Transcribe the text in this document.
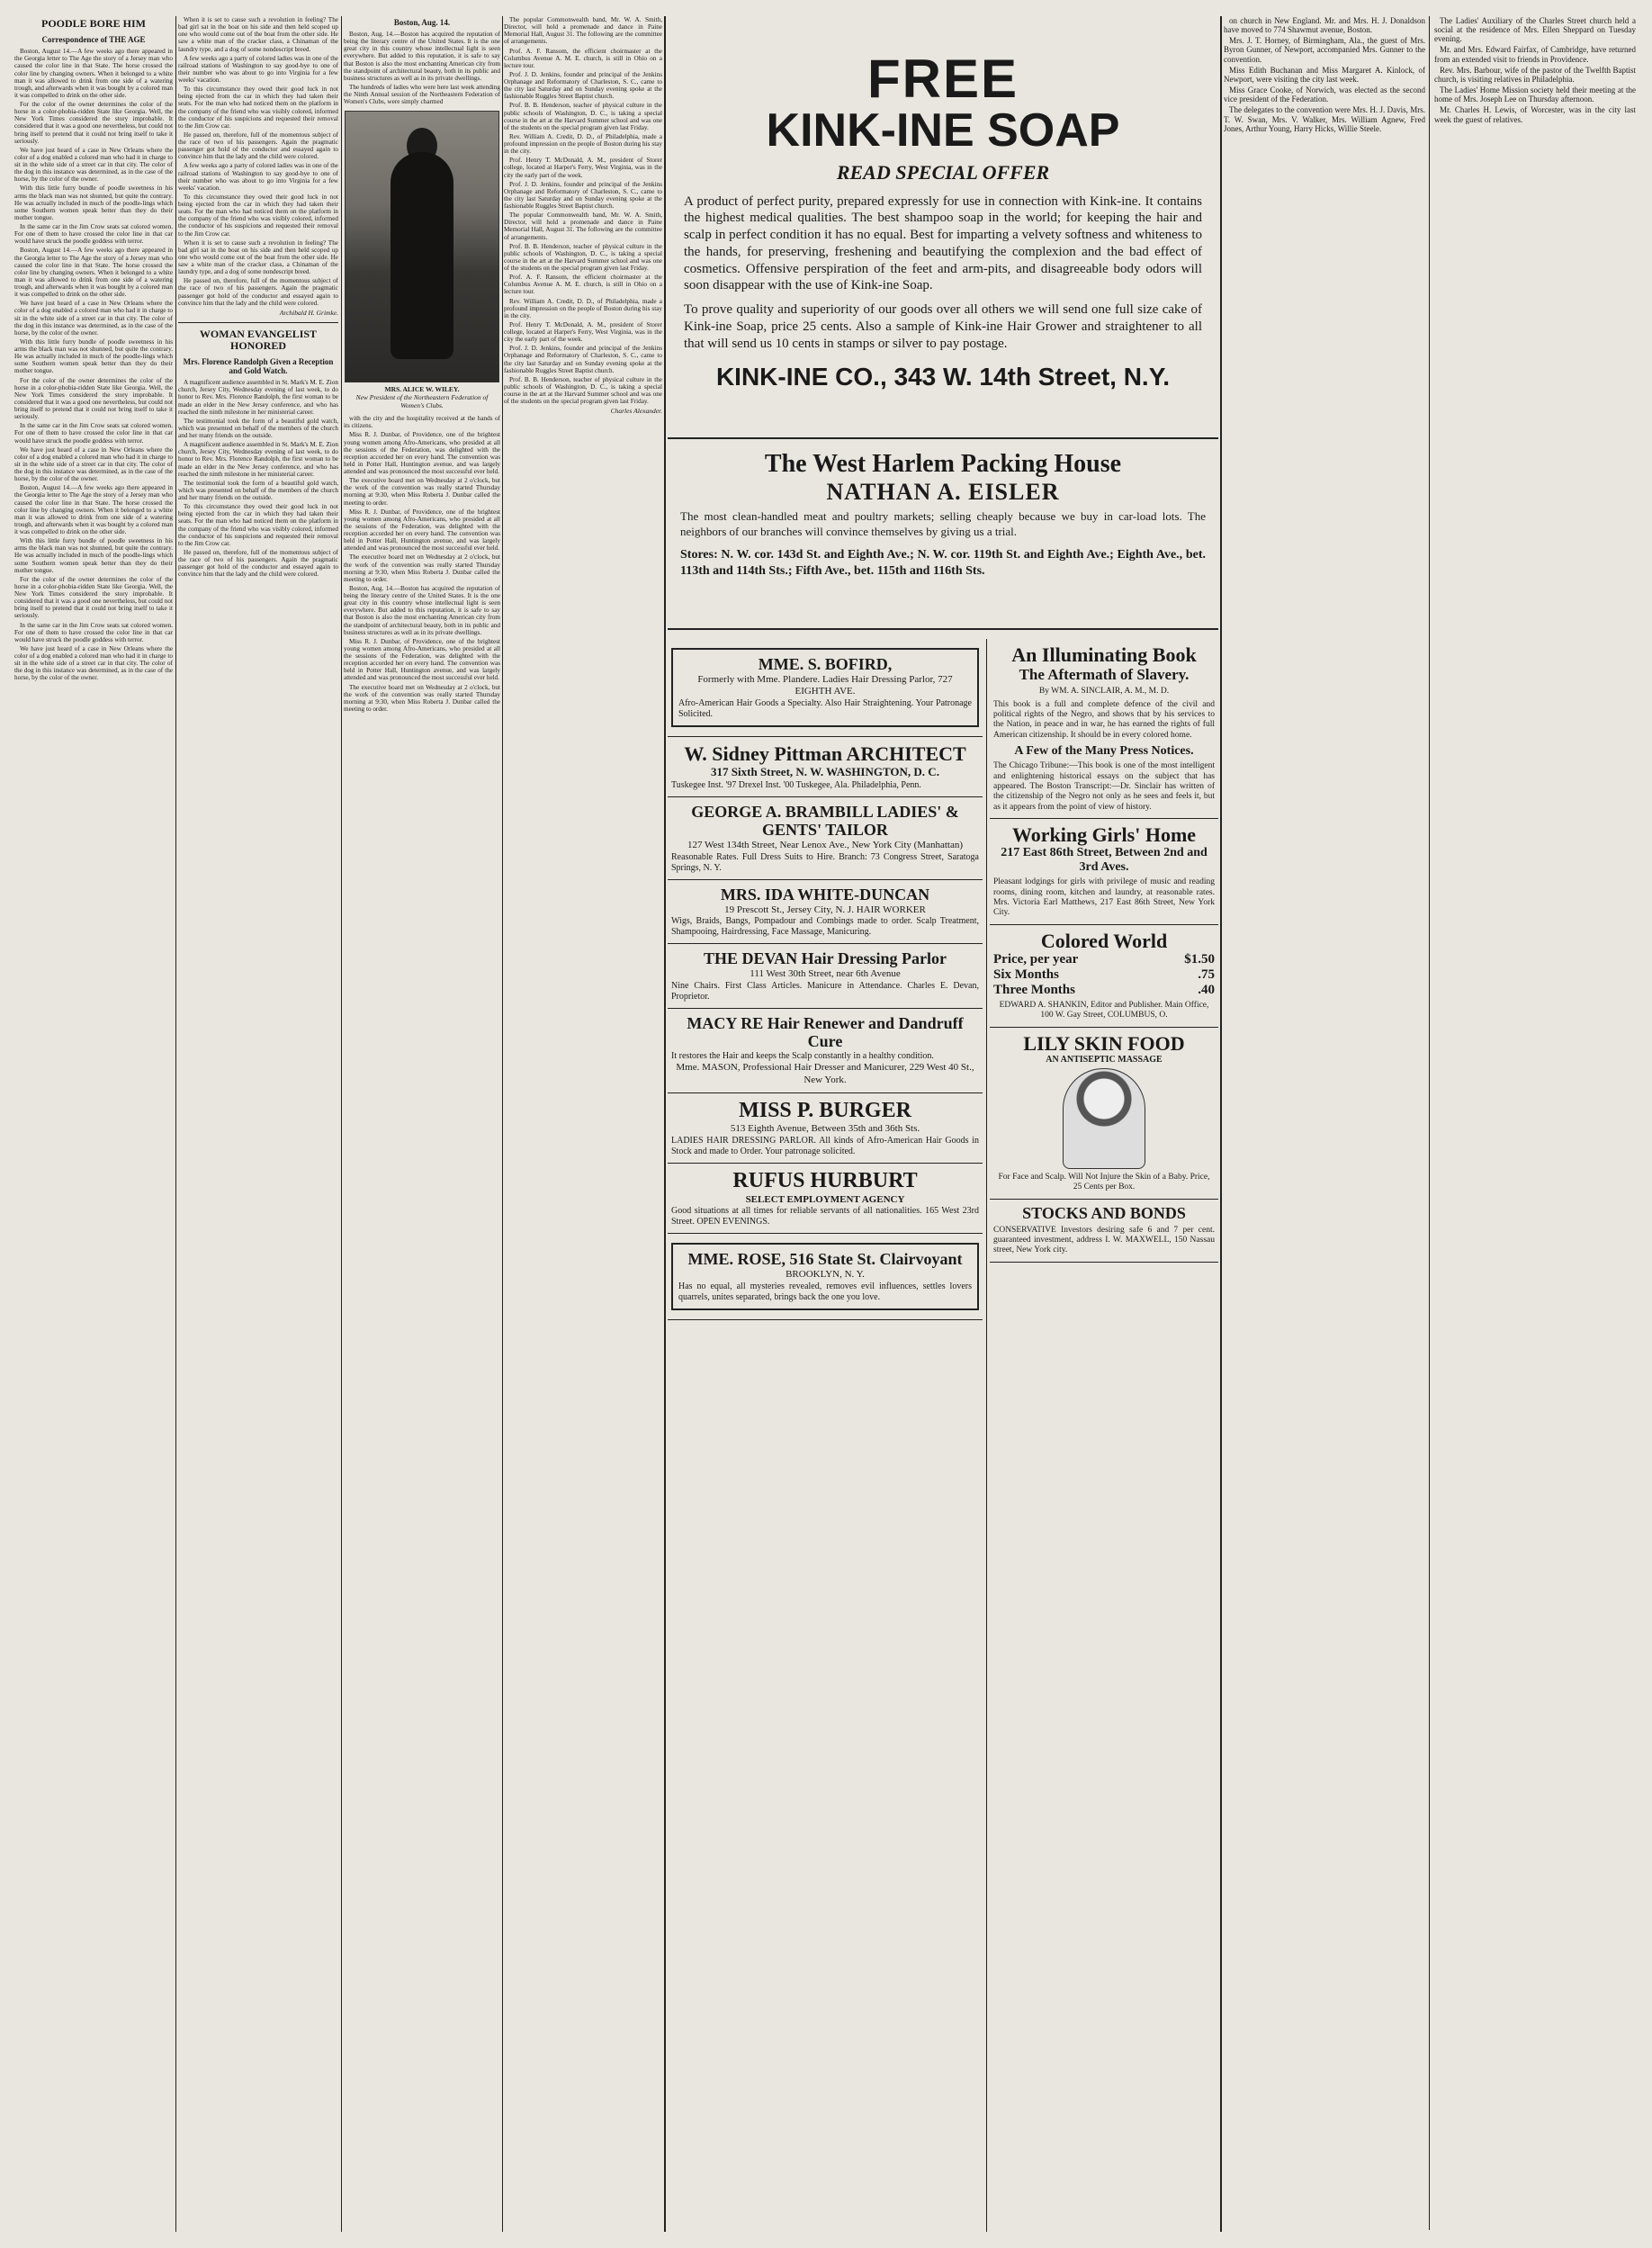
POODLE BORE HIM
Correspondence of THE AGE

Boston, August 14.—A few weeks ago there appeared in the Georgia letter to The Age the story of a Jersey man who caused the color line in that State. The horse crossed the color line by changing owners. When it belonged to a white man it was allowed to drink from one side of a watering trough, and afterwards when it was bought by a colored man it was compelled to drink on the other side.

For the color of the owner determines the color of the horse in a color-phobia-ridden State like Georgia. Well, the New York Times considered the story improbable. It considered that it was a good one nevertheless, but could not bring itself to pretend that it could not bring itself to take it seriously.

We have just heard of a case in New Orleans where the color of a dog enabled a colored man who had it in charge to sit in the white side of a street car in that city. The color of the dog in this instance was determined, as in the case of the horse, by the color of the owner.

With this little furry bundle of poodle sweetness in his arms the black man was not shunned, but quite the contrary. He was actually included in much of the poodle-lings which some Southern women speak better than they do their mother tongue.

In the same car in the Jim Crow seats sat colored women. For one of them to have crossed the color line in that car would have struck the poodle goddess with terror.

Boston, August 14.—A few weeks ago there appeared in the Georgia letter to The Age the story of a Jersey man who caused the color line in that State. The horse crossed the color line by changing owners. When it belonged to a white man it was allowed to drink from one side of a watering trough, and afterwards when it was bought by a colored man it was compelled to drink on the other side.

We have just heard of a case in New Orleans where the color of a dog enabled a colored man who had it in charge to sit in the white side of a street car in that city. The color of the dog in this instance was determined, as in the case of the horse, by the color of the owner.

With this little furry bundle of poodle sweetness in his arms the black man was not shunned, but quite the contrary. He was actually included in much of the poodle-lings which some Southern women speak better than they do their mother tongue.

For the color of the owner determines the color of the horse in a color-phobia-ridden State like Georgia. Well, the New York Times considered the story improbable. It considered that it was a good one nevertheless, but could not bring itself to pretend that it could not bring itself to take it seriously.

In the same car in the Jim Crow seats sat colored women. For one of them to have crossed the color line in that car would have struck the poodle goddess with terror.

We have just heard of a case in New Orleans where the color of a dog enabled a colored man who had it in charge to sit in the white side of a street car in that city. The color of the dog in this instance was determined, as in the case of the horse, by the color of the owner.

Boston, August 14.—A few weeks ago there appeared in the Georgia letter to The Age the story of a Jersey man who caused the color line in that State. The horse crossed the color line by changing owners. When it belonged to a white man it was allowed to drink from one side of a watering trough, and afterwards when it was bought by a colored man it was compelled to drink on the other side.

With this little furry bundle of poodle sweetness in his arms the black man was not shunned, but quite the contrary. He was actually included in much of the poodle-lings which some Southern women speak better than they do their mother tongue.

For the color of the owner determines the color of the horse in a color-phobia-ridden State like Georgia. Well, the New York Times considered the story improbable. It considered that it was a good one nevertheless, but could not bring itself to pretend that it could not bring itself to take it seriously.

In the same car in the Jim Crow seats sat colored women. For one of them to have crossed the color line in that car would have struck the poodle goddess with terror.

We have just heard of a case in New Orleans where the color of a dog enabled a colored man who had it in charge to sit in the white side of a street car in that city. The color of the dog in this instance was determined, as in the case of the horse, by the color of the owner.

When it is set to cause such a revolution in feeling? The bad girl sat in the boat on his side and then held scoped up one who would come out of the boat from the other side. He saw a white man of the cracker class, a Chinaman of the laundry type, and a dog of some nondescript breed.

A few weeks ago a party of colored ladies was in one of the railroad stations of Washington to say good-bye to one of their number who was about to go into Virginia for a few weeks' vacation.

To this circumstance they owed their good luck in not being ejected from the car in which they had taken their seats. For the man who had noticed them on the platform in the company of the friend who was visibly colored, informed the conductor of his suspicions and requested their removal to the Jim Crow car.

He passed on, therefore, full of the momentous subject of the race of two of his passengers. Again the pragmatic passenger got hold of the conductor and essayed again to convince him that the lady and the child were colored.

A few weeks ago a party of colored ladies was in one of the railroad stations of Washington to say good-bye to one of their number who was about to go into Virginia for a few weeks' vacation.

To this circumstance they owed their good luck in not being ejected from the car in which they had taken their seats. For the man who had noticed them on the platform in the company of the friend who was visibly colored, informed the conductor of his suspicions and requested their removal to the Jim Crow car.

When it is set to cause such a revolution in feeling? The bad girl sat in the boat on his side and then held scoped up one who would come out of the boat from the other side. He saw a white man of the cracker class, a Chinaman of the laundry type, and a dog of some nondescript breed.

He passed on, therefore, full of the momentous subject of the race of two of his passengers. Again the pragmatic passenger got hold of the conductor and essayed again to convince him that the lady and the child were colored.

Archibald H. Grimke.
WOMAN EVANGELIST HONORED
Mrs. Florence Randolph Given a Reception and Gold Watch.

A magnificent audience assembled in St. Mark's M. E. Zion church, Jersey City, Wednesday evening of last week, to do honor to Rev. Mrs. Florence Randolph, the first woman to be made an elder in the New Jersey conference, and who has reached the ninth milestone in her ministerial career.

The testimonial took the form of a beautiful gold watch, which was presented on behalf of the members of the church and her many friends on the outside.

A magnificent audience assembled in St. Mark's M. E. Zion church, Jersey City, Wednesday evening of last week, to do honor to Rev. Mrs. Florence Randolph, the first woman to be made an elder in the New Jersey conference, and who has reached the ninth milestone in her ministerial career.

The testimonial took the form of a beautiful gold watch, which was presented on behalf of the members of the church and her many friends on the outside.

To this circumstance they owed their good luck in not being ejected from the car in which they had taken their seats. For the man who had noticed them on the platform in the company of the friend who was visibly colored, informed the conductor of his suspicions and requested their removal to the Jim Crow car.

He passed on, therefore, full of the momentous subject of the race of two of his passengers. Again the pragmatic passenger got hold of the conductor and essayed again to convince him that the lady and the child were colored.

Boston, Aug. 14.

Boston, Aug. 14.—Boston has acquired the reputation of being the literary centre of the United States. It is the one great city in this country whose intellectual light is seen everywhere. But added to this reputation, it is safe to say that Boston is also the most enchanting American city from the standpoint of architectural beauty, both in its public and business structures as well as in its private dwellings.

The hundreds of ladies who were here last week attending the Ninth Annual session of the Northeastern Federation of Women's Clubs, were simply charmed

MRS. ALICE W. WILEY.
New President of the Northeastern Federation of Women's Clubs.

with the city and the hospitality received at the hands of its citizens.

Miss R. J. Dunbar, of Providence, one of the brightest young women among Afro-Americans, who presided at all the sessions of the Federation, was delighted with the reception accorded her on every hand. The convention was held in Potter Hall, Huntington avenue, and was largely attended and was pronounced the most successful ever held.

The executive board met on Wednesday at 2 o'clock, but the work of the convention was really started Thursday morning at 9:30, when Miss Roberta J. Dunbar called the meeting to order.

Miss R. J. Dunbar, of Providence, one of the brightest young women among Afro-Americans, who presided at all the sessions of the Federation, was delighted with the reception accorded her on every hand. The convention was held in Potter Hall, Huntington avenue, and was largely attended and was pronounced the most successful ever held.

The executive board met on Wednesday at 2 o'clock, but the work of the convention was really started Thursday morning at 9:30, when Miss Roberta J. Dunbar called the meeting to order.

Boston, Aug. 14.—Boston has acquired the reputation of being the literary centre of the United States. It is the one great city in this country whose intellectual light is seen everywhere. But added to this reputation, it is safe to say that Boston is also the most enchanting American city from the standpoint of architectural beauty, both in its public and business structures as well as in its private dwellings.

Miss R. J. Dunbar, of Providence, one of the brightest young women among Afro-Americans, who presided at all the sessions of the Federation, was delighted with the reception accorded her on every hand. The convention was held in Potter Hall, Huntington avenue, and was largely attended and was pronounced the most successful ever held.

The executive board met on Wednesday at 2 o'clock, but the work of the convention was really started Thursday morning at 9:30, when Miss Roberta J. Dunbar called the meeting to order.

The popular Commonwealth band, Mr. W. A. Smith, Director, will hold a promenade and dance in Paine Memorial Hall, August 31. The following are the committee of arrangements.

Prof. A. F. Ransom, the efficient choirmaster at the Columbus Avenue A. M. E. church, is still in Ohio on a lecture tour.

Prof. J. D. Jenkins, founder and principal of the Jenkins Orphanage and Reformatory of Charleston, S. C., came to the city last Saturday and on Sunday evening spoke at the fashionable Ruggles Street Baptist church.

Prof. B. B. Henderson, teacher of physical culture in the public schools of Washington, D. C., is taking a special course in the art at the Harvard Summer school and was one of the students on the special program given last Friday.

Rev. William A. Credit, D. D., of Philadelphia, made a profound impression on the people of Boston during his stay in the city.

Prof. Henry T. McDonald, A. M., president of Storer college, located at Harper's Ferry, West Virginia, was in the city the early part of the week.

Prof. J. D. Jenkins, founder and principal of the Jenkins Orphanage and Reformatory of Charleston, S. C., came to the city last Saturday and on Sunday evening spoke at the fashionable Ruggles Street Baptist church.

The popular Commonwealth band, Mr. W. A. Smith, Director, will hold a promenade and dance in Paine Memorial Hall, August 31. The following are the committee of arrangements.

Prof. B. B. Henderson, teacher of physical culture in the public schools of Washington, D. C., is taking a special course in the art at the Harvard Summer school and was one of the students on the special program given last Friday.

Prof. A. F. Ransom, the efficient choirmaster at the Columbus Avenue A. M. E. church, is still in Ohio on a lecture tour.

Rev. William A. Credit, D. D., of Philadelphia, made a profound impression on the people of Boston during his stay in the city.

Prof. Henry T. McDonald, A. M., president of Storer college, located at Harper's Ferry, West Virginia, was in the city the early part of the week.

Prof. J. D. Jenkins, founder and principal of the Jenkins Orphanage and Reformatory of Charleston, S. C., came to the city last Saturday and on Sunday evening spoke at the fashionable Ruggles Street Baptist church.

Prof. B. B. Henderson, teacher of physical culture in the public schools of Washington, D. C., is taking a special course in the art at the Harvard Summer school and was one of the students on the special program given last Friday.

Charles Alexander.
FREE
KINK-INE SOAP
READ SPECIAL OFFER
A product of perfect purity, prepared expressly for use in connection with Kink-ine. It contains the highest medical qualities. The best shampoo soap in the world; for keeping the hair and scalp in perfect condition it has no equal. Best for imparting a velvety softness and whiteness to the hands, for preserving, freshening and beautifying the complexion and the bad effect of cosmetics. Offensive perspiration of the feet and arm-pits, and disagreeable body odors will soon disappear with the use of Kink-ine Soap.
To prove quality and superiority of our goods over all others we will send one full size cake of Kink-ine Soap, price 25 cents. Also a sample of Kink-ine Hair Grower and straightener to all that will send us 10 cents in stamps or silver to pay postage.
KINK-INE CO., 343 W. 14th Street, N.Y.
The West Harlem Packing House
NATHAN A. EISLER
The most clean-handled meat and poultry markets; selling cheaply because we buy in car-load lots. The neighbors of our branches will convince themselves by giving us a trial.
Stores: N. W. cor. 143d St. and Eighth Ave.; N. W. cor. 119th St. and Eighth Ave.; Eighth Ave., bet. 113th and 114th Sts.; Fifth Ave., bet. 115th and 116th Sts.
MME. S. BOFIRD,
Formerly with Mme. Plandere. Ladies Hair Dressing Parlor, 727 EIGHTH AVE.
Afro-American Hair Goods a Specialty. Also Hair Straightening. Your Patronage Solicited.
W. Sidney Pittman ARCHITECT
317 Sixth Street, N. W. WASHINGTON, D. C.
Tuskegee Inst. '97 Drexel Inst. '00 Tuskegee, Ala. Philadelphia, Penn.
GEORGE A. BRAMBILL LADIES' & GENTS' TAILOR
127 West 134th Street, Near Lenox Ave., New York City (Manhattan)
Reasonable Rates. Full Dress Suits to Hire. Branch: 73 Congress Street, Saratoga Springs, N. Y.
MRS. IDA WHITE-DUNCAN
19 Prescott St., Jersey City, N. J. HAIR WORKER
Wigs, Braids, Bangs, Pompadour and Combings made to order. Scalp Treatment, Shampooing, Hairdressing, Face Massage, Manicuring.
THE DEVAN Hair Dressing Parlor
111 West 30th Street, near 6th Avenue
Nine Chairs. First Class Articles. Manicure in Attendance. Charles E. Devan, Proprietor.
MACY RE Hair Renewer and Dandruff Cure
It restores the Hair and keeps the Scalp constantly in a healthy condition.
Mme. MASON, Professional Hair Dresser and Manicurer, 229 West 40 St., New York.
MISS P. BURGER
513 Eighth Avenue, Between 35th and 36th Sts.
LADIES HAIR DRESSING PARLOR. All kinds of Afro-American Hair Goods in Stock and made to Order. Your patronage solicited.
RUFUS HURBURT
SELECT EMPLOYMENT AGENCY
Good situations at all times for reliable servants of all nationalities. 165 West 23rd Street. OPEN EVENINGS.
MME. ROSE, 516 State St. Clairvoyant
BROOKLYN, N. Y.
Has no equal, all mysteries revealed, removes evil influences, settles lovers quarrels, unites separated, brings back the one you love.
An Illuminating Book
The Aftermath of Slavery.
By WM. A. SINCLAIR, A. M., M. D.
This book is a full and complete defence of the civil and political rights of the Negro, and shows that by his services to the Nation, in peace and in war, he has earned the rights of full American citizenship. It should be in every colored home.
A Few of the Many Press Notices.
The Chicago Tribune:—This book is one of the most intelligent and enlightening historical essays on the subject that has appeared. The Boston Transcript:—Dr. Sinclair has written of the citizenship of the Negro not only as he sees and feels it, but as it appears from the point of view of history.
Working Girls' Home
217 East 86th Street, Between 2nd and 3rd Aves.
Pleasant lodgings for girls with privilege of music and reading rooms, dining room, kitchen and laundry, at reasonable rates. Mrs. Victoria Earl Matthews, 217 East 86th Street, New York City.
Colored World
Price, per year	$1.50
Six Months	.75
Three Months	.40
EDWARD A. SHANKIN, Editor and Publisher. Main Office, 100 W. Gay Street, COLUMBUS, O.
LILY SKIN FOOD
AN ANTISEPTIC MASSAGE
For Face and Scalp. Will Not Injure the Skin of a Baby. Price, 25 Cents per Box.
STOCKS AND BONDS
CONSERVATIVE Investors desiring safe 6 and 7 per cent. guaranteed investment, address I. W. MAXWELL, 150 Nassau street, New York city.

on church in New England. Mr. and Mrs. H. J. Donaldson have moved to 774 Shawmut avenue, Boston.

Mrs. J. T. Horney, of Birmingham, Ala., the guest of Mrs. Byron Gunner, of Newport, accompanied Mrs. Gunner to the convention.

Miss Edith Buchanan and Miss Margaret A. Kinlock, of Newport, were visiting the city last week.

Miss Grace Cooke, of Norwich, was elected as the second vice president of the Federation.

The delegates to the convention were Mrs. H. J. Davis, Mrs. T. W. Swan, Mrs. V. Walker, Mrs. William Agnew, Fred Jones, Arthur Young, Harry Hicks, Willie Steele.

The Ladies' Auxiliary of the Charles Street church held a social at the residence of Mrs. Ellen Sheppard on Tuesday evening.

Mr. and Mrs. Edward Fairfax, of Cambridge, have returned from an extended visit to friends in Providence.

Rev. Mrs. Barbour, wife of the pastor of the Twelfth Baptist church, is visiting relatives in Philadelphia.

The Ladies' Home Mission society held their meeting at the home of Mrs. Joseph Lee on Thursday afternoon.

Mr. Charles H. Lewis, of Worcester, was in the city last week the guest of relatives.
